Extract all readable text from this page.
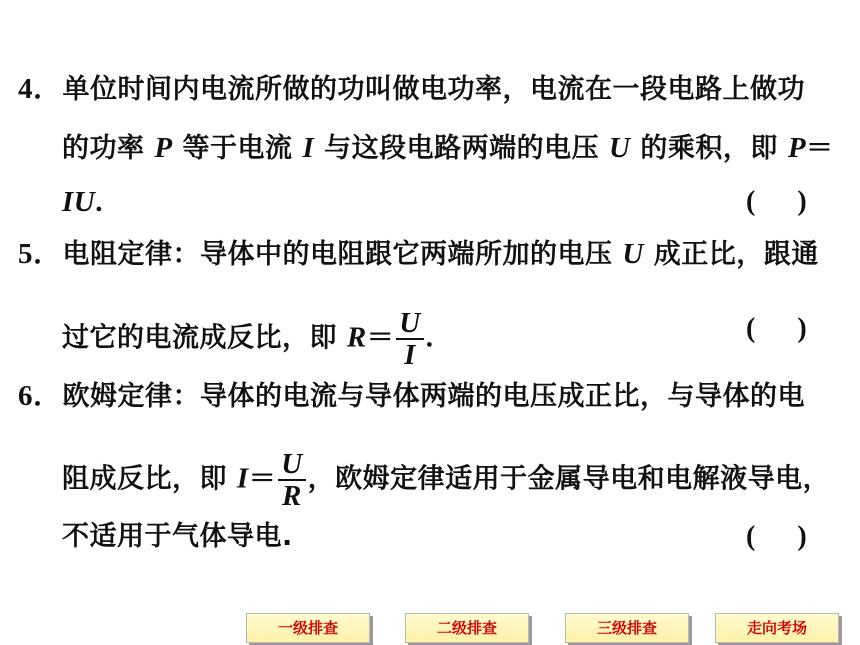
4．单位时间内电流所做的功叫做电功率，电流在一段电路上做功
的功率 P 等于电流 I 与这段电路两端的电压 U 的乘积，即 P＝
IU.	(      )
5．电阻定律：导体中的电阻跟它两端所加的电压 U 成正比，跟通
过它的电流成反比，即 $R= \frac{U}{I}$ .	(      )
6．欧姆定律：导体的电流与导体两端的电压成正比，与导体的电
阻成反比，即 $I= \frac{U}{R}$ ，欧姆定律适用于金属导电和电解液导电，
不适用于气体导电.	(      )
一级排查	二级排查	三级排查	走向考场
